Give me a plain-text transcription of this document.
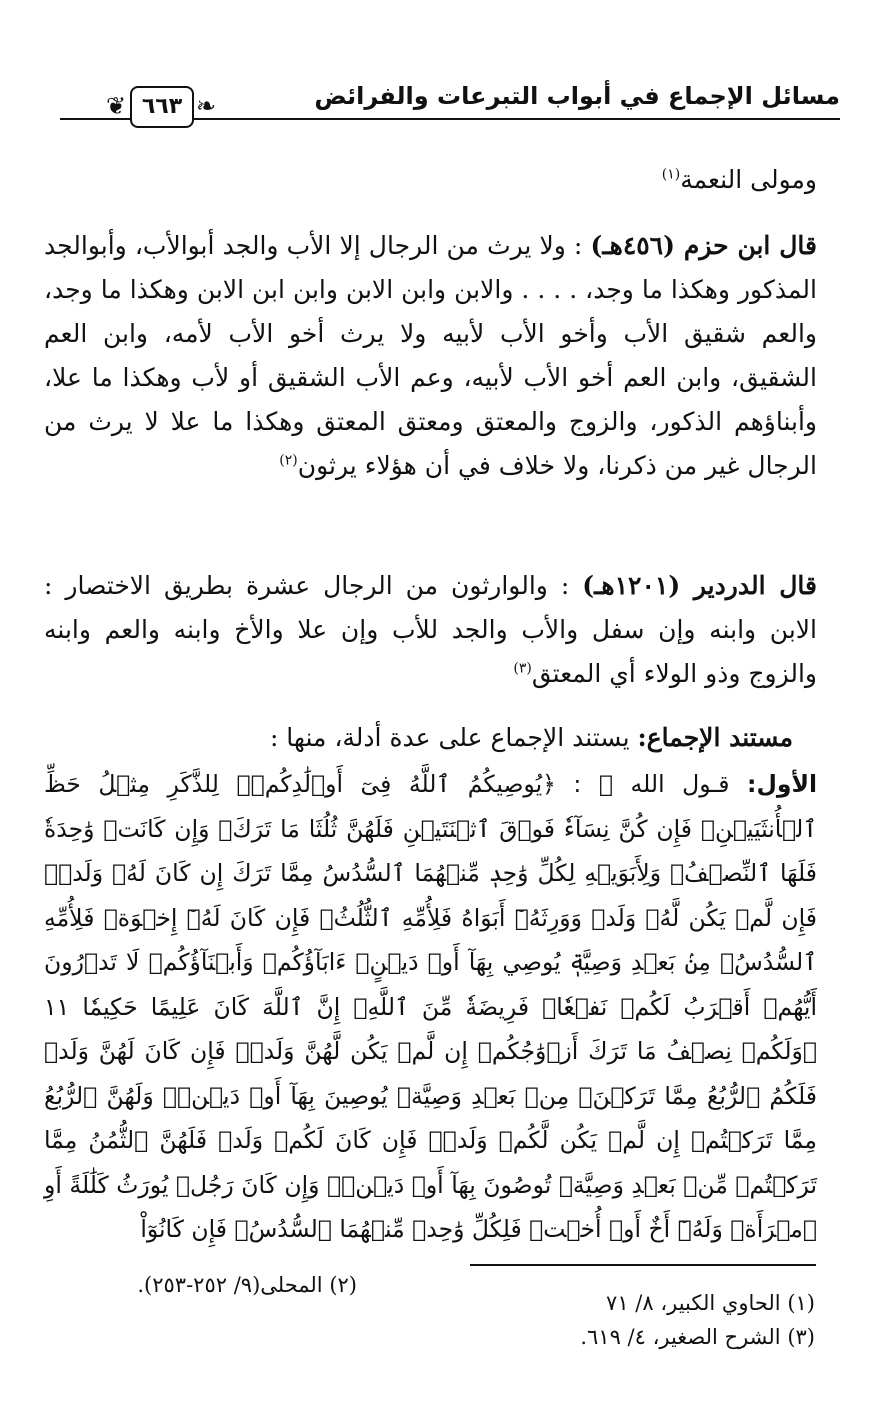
مسائل الإجماع في أبواب التبرعات والفرائض
❦ ٦٦٣ ❧

ومولى النعمة$^{(١)}$

قال ابن حزم (٤٥٦هـ) : ولا يرث من الرجال إلا الأب والجد أبوالأب، وأبوالجد المذكور وهكذا ما وجد، . . . . والابن وابن الابن وابن ابن الابن وهكذا ما وجد، والعم شقيق الأب وأخو الأب لأبيه ولا يرث أخو الأب لأمه، وابن العم الشقيق، وابن العم أخو الأب لأبيه، وعم الأب الشقيق أو لأب وهكذا ما علا، وأبناؤهم الذكور، والزوج والمعتق ومعتق المعتق وهكذا ما علا لا يرث من الرجال غير من ذكرنا، ولا خلاف في أن هؤلاء يرثون$^{(٢)}$

قال الدردير (١٢٠١هـ) : والوارثون من الرجال عشرة بطريق الاختصار : الابن وابنه وإن سفل والأب والجد للأب وإن علا والأخ وابنه والعم وابنه والزوج وذو الولاء أي المعتق$^{(٣)}$

مستند الإجماع: يستند الإجماع على عدة أدلة، منها :

الأول: قـول الله ﷻ : ﴿يُوصِيكُمُ ٱللَّهُ فِىٓ أَوۡلَٰدِكُمۡۖ لِلذَّكَرِ مِثۡلُ حَظِّ ٱلۡأُنثَيَيۡنِۚ فَإِن كُنَّ نِسَآءٗ فَوۡقَ ٱثۡنَتَيۡنِ فَلَهُنَّ ثُلُثَا مَا تَرَكَۖ وَإِن كَانَتۡ وَٰحِدَةٗ فَلَهَا ٱلنِّصۡفُۚ وَلِأَبَوَيۡهِ لِكُلِّ وَٰحِدٖ مِّنۡهُمَا ٱلسُّدُسُ مِمَّا تَرَكَ إِن كَانَ لَهُۥ وَلَدٞۚ فَإِن لَّمۡ يَكُن لَّهُۥ وَلَدٞ وَوَرِثَهُۥٓ أَبَوَاهُ فَلِأُمِّهِ ٱلثُّلُثُۚ فَإِن كَانَ لَهُۥٓ إِخۡوَةٞ فَلِأُمِّهِ ٱلسُّدُسُۚ مِنۢ بَعۡدِ وَصِيَّةٖ يُوصِي بِهَآ أَوۡ دَيۡنٍۗ ءَابَآؤُكُمۡ وَأَبۡنَآؤُكُمۡ لَا تَدۡرُونَ أَيُّهُمۡ أَقۡرَبُ لَكُمۡ نَفۡعٗاۚ فَرِيضَةٗ مِّنَ ٱللَّهِۗ إِنَّ ٱللَّهَ كَانَ عَلِيمًا حَكِيمٗا ١١ ۞وَلَكُمۡ نِصۡفُ مَا تَرَكَ أَزۡوَٰجُكُمۡ إِن لَّمۡ يَكُن لَّهُنَّ وَلَدٞۚ فَإِن كَانَ لَهُنَّ وَلَدٞ فَلَكُمُ ٱلرُّبُعُ مِمَّا تَرَكۡنَۚ مِنۢ بَعۡدِ وَصِيَّةٖ يُوصِينَ بِهَآ أَوۡ دَيۡنٖۚ وَلَهُنَّ ٱلرُّبُعُ مِمَّا تَرَكۡتُمۡ إِن لَّمۡ يَكُن لَّكُمۡ وَلَدٞۚ فَإِن كَانَ لَكُمۡ وَلَدٞ فَلَهُنَّ ٱلثُّمُنُ مِمَّا تَرَكۡتُمۚ مِّنۢ بَعۡدِ وَصِيَّةٖ تُوصُونَ بِهَآ أَوۡ دَيۡنٖۗ وَإِن كَانَ رَجُلٞ يُورَثُ كَلَٰلَةً أَوِ ٱمۡرَأَةٞ وَلَهُۥٓ أَخٌ أَوۡ أُخۡتٞ فَلِكُلِّ وَٰحِدٖ مِّنۡهُمَا ٱلسُّدُسُۚ فَإِن كَانُوٓاْ

(١) الحاوي الكبير، ٨/ ٧١
(٢) المحلى(٩/ ٢٥٢-٢٥٣).
(٣) الشرح الصغير، ٤/ ٦١٩.
